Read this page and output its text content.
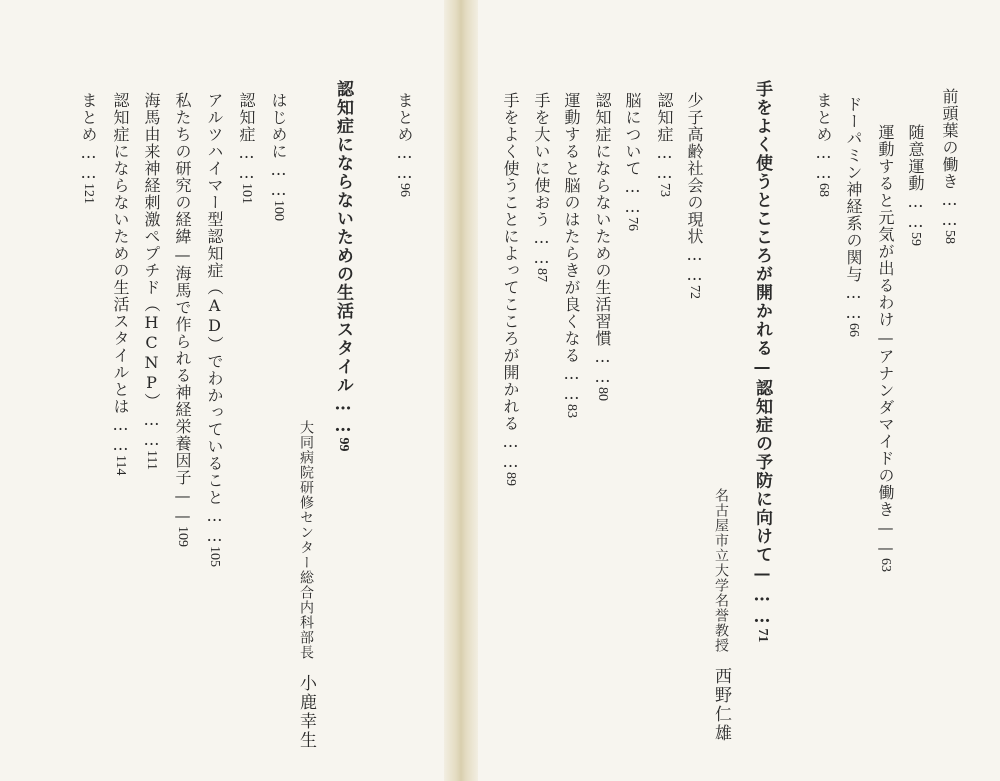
前頭葉の働き……58
随意運動……59
運動すると元気が出るわけ—アナンダマイドの働き——63
ドーパミン神経系の関与……66
まとめ……68
手をよく使うとこころが開かれる—認知症の予防に向けて—……71
名古屋市立大学名誉教授西野仁雄
少子高齢社会の現状……72
認知症……73
脳について……76
認知症にならないための生活習慣……80
運動すると脳のはたらきが良くなる……83
手を大いに使おう……87
手をよく使うことによってこころが開かれる……89
まとめ……96
認知症にならないための生活スタイル……99
大同病院研修センター総合内科部長小鹿幸生
はじめに……100
認知症……101
アルツハイマー型認知症（AD）でわかっていること……105
私たちの研究の経緯—海馬で作られる神経栄養因子——109
海馬由来神経刺激ペプチド（HCNP）……111
認知症にならないための生活スタイルとは……114
まとめ……121
